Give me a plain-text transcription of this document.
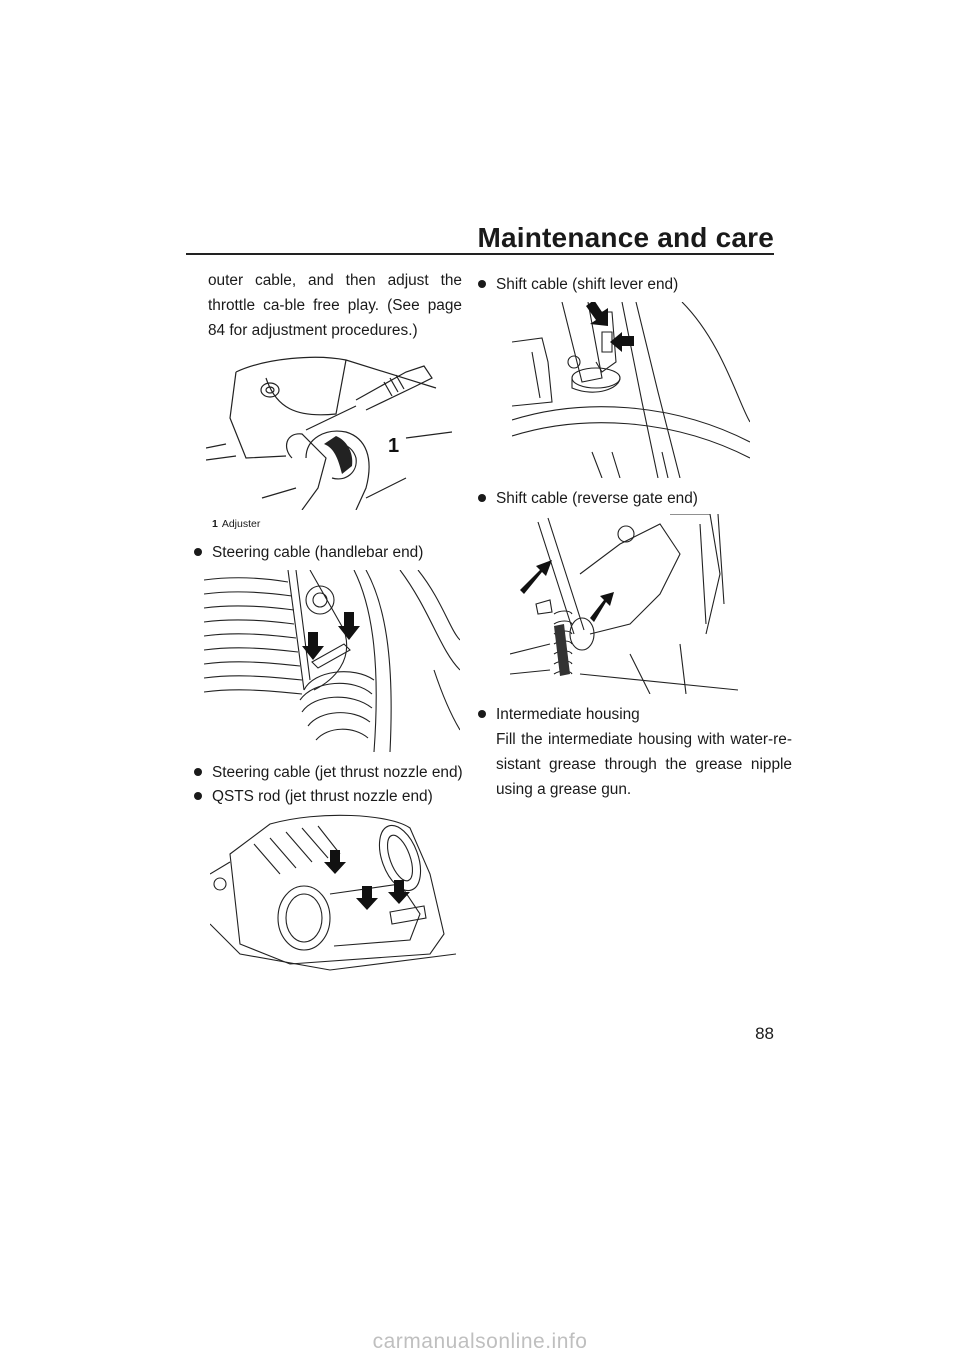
Maintenance and care

outer cable, and then adjust the throttle ca-ble free play. (See page 84 for adjustment procedures.)

1
1 Adjuster
Steering cable (handlebar end)
Steering cable (jet thrust nozzle end)
QSTS rod (jet thrust nozzle end)
Shift cable (shift lever end)
Shift cable (reverse gate end)
Intermediate housing
Fill the intermediate housing with water-re-sistant grease through the grease nipple using a grease gun.
88
carmanualsonline.info
